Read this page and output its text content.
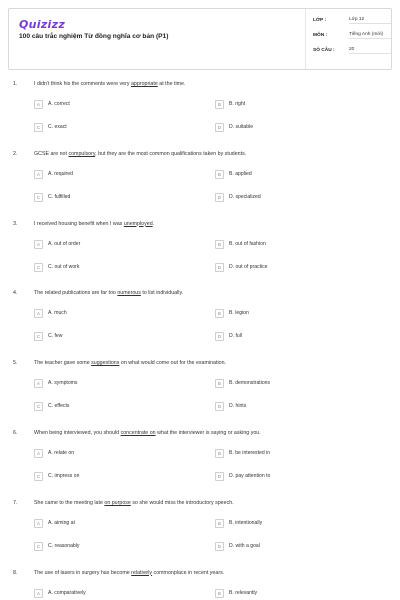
Quizizz
100 câu trắc nghiệm Từ đồng nghĩa cơ bản (P1)
LỚP :	Lớp 12
MÔN :	Tiếng Anh (mới)
SỐ CÂU :	20
1.	I didn't think his the comments were very appropriate at the time.
A	A. correct	B	B. right
C	C. exact	D	D. suitable
2.	GCSE are not compulsory, but they are the most common qualifications taken by students.
A	A. required	B	B. applied
C	C. fulfilled	D	D. specialized
3.	I received housing benefit when I was unemployed.
A	A. out of order	B	B. out of fashion
C	C. out of work	D	D. out of practice
4.	The related publications are far too numerous to list individually.
A	A. much	B	B. legion
C	C. few	D	D. full
5.	The teacher gave some suggestions on what would come out for the examination.
A	A. symptoms	B	B. demonstrations
C	C. effects	D	D. hints
6.	When being interviewed, you should concentrate on what the interviewer is saying or asking you.
A	A. relate on	B	B. be interested in
C	C. impress on	D	D. pay attention to
7.	She came to the meeting late on purpose so she would miss the introductory speech.
A	A. aiming at	B	B. intentionally
C	C. reasonably	D	D. with a goal
8.	The use of lasers in surgery has become relatively commonplace in recent years.
A	A. comparatively	B	B. relevantly
